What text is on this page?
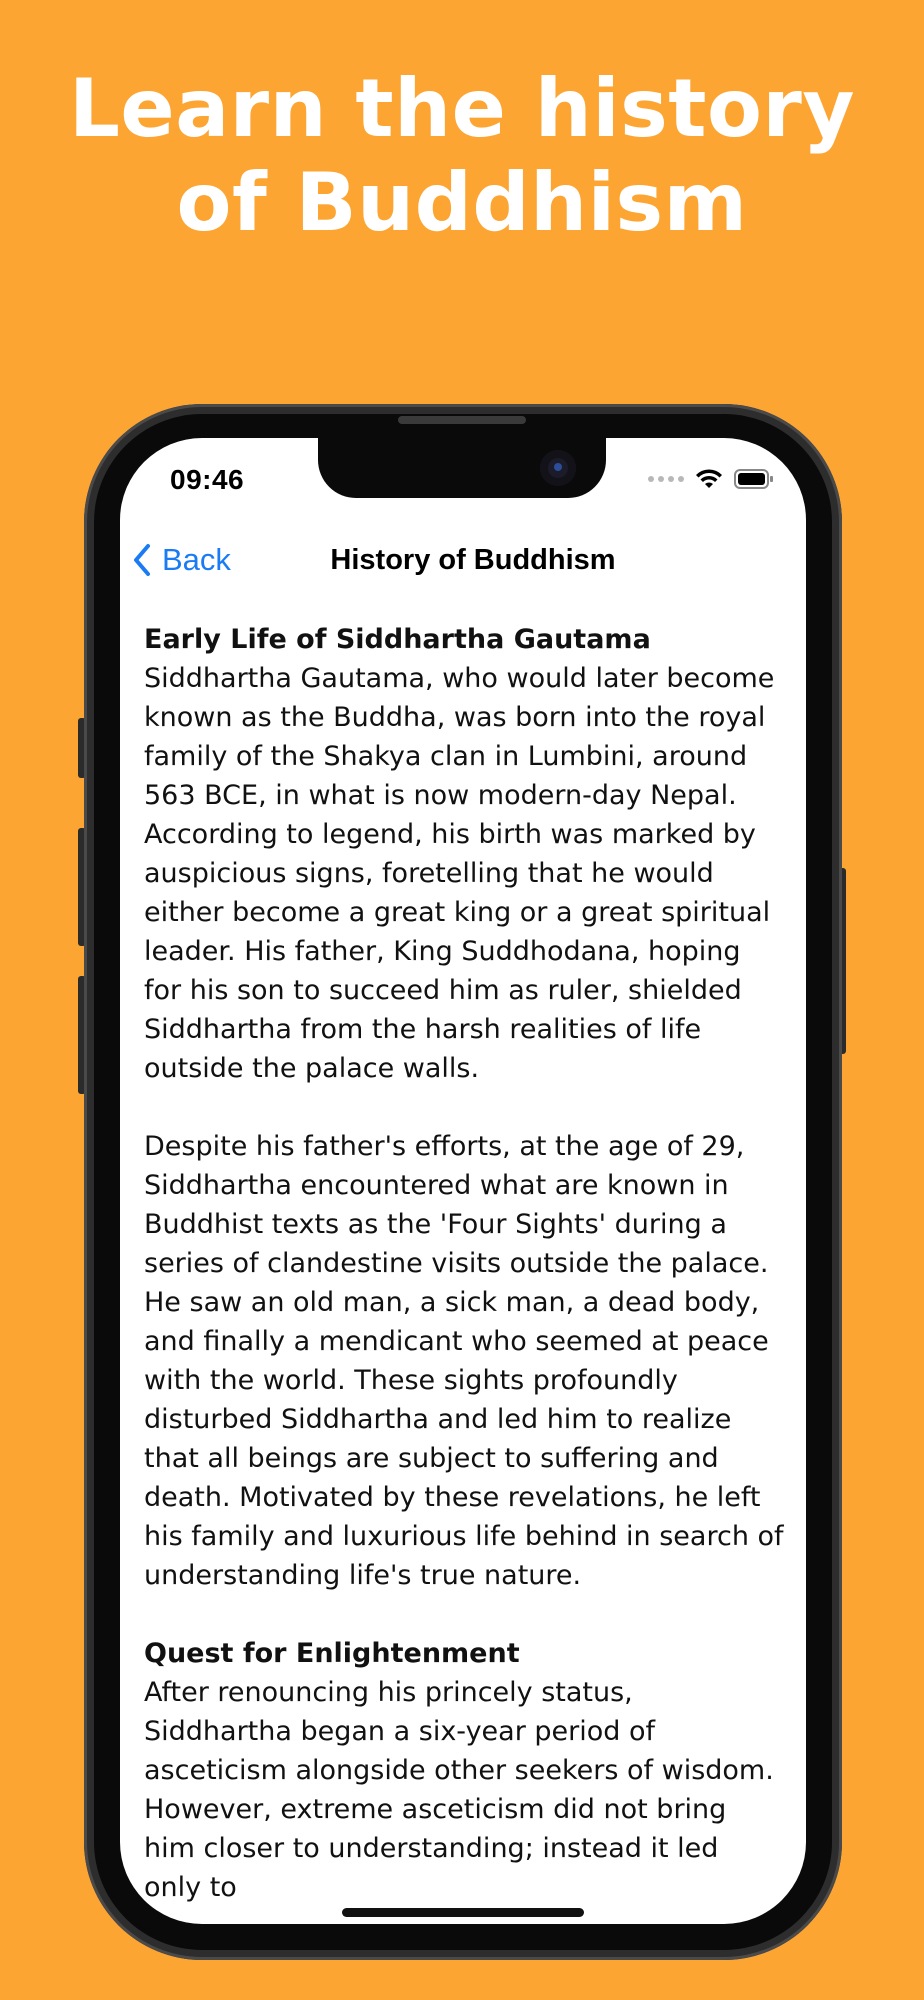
Learn the history
of Buddhism
09:46
Back	History of Buddhism
Early Life of Siddhartha Gautama

Siddhartha Gautama, who would later become known as the Buddha, was born into the royal family of the Shakya clan in Lumbini, around 563 BCE, in what is now modern-day Nepal. According to legend, his birth was marked by auspicious signs, foretelling that he would either become a great king or a great spiritual leader. His father, King Suddhodana, hoping for his son to succeed him as ruler, shielded Siddhartha from the harsh realities of life outside the palace walls.

Despite his father's efforts, at the age of 29, Siddhartha encountered what are known in Buddhist texts as the 'Four Sights' during a series of clandestine visits outside the palace. He saw an old man, a sick man, a dead body, and finally a mendicant who seemed at peace with the world. These sights profoundly disturbed Siddhartha and led him to realize that all beings are subject to suffering and death. Motivated by these revelations, he left his family and luxurious life behind in search of understanding life's true nature.

Quest for Enlightenment

After renouncing his princely status, Siddhartha began a six-year period of asceticism alongside other seekers of wisdom. However, extreme asceticism did not bring him closer to understanding; instead it led only to
